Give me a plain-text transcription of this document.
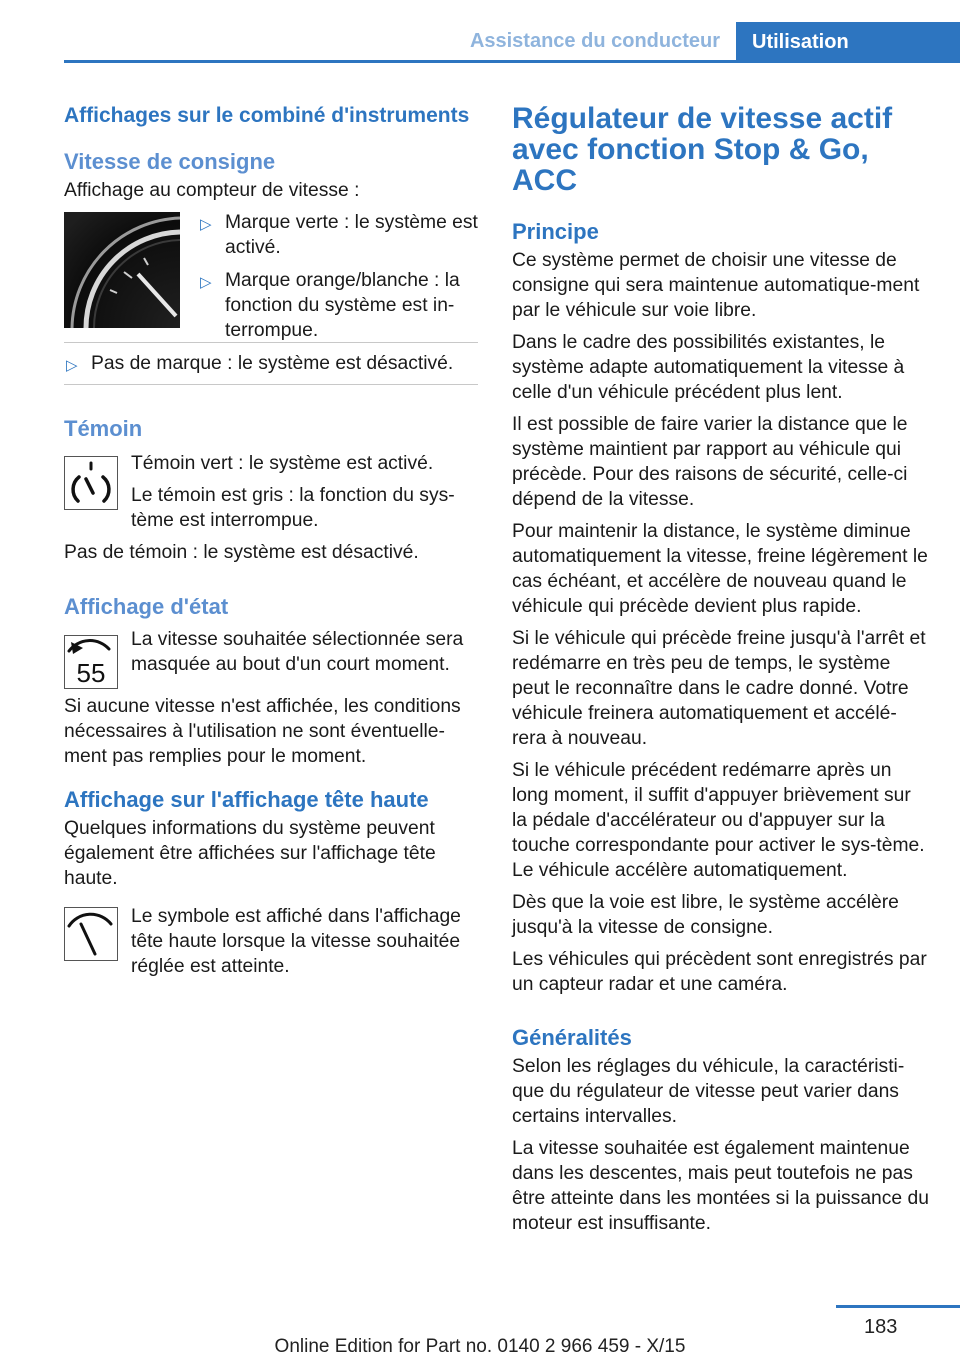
Assistance du conducteur	Utilisation
Affichages sur le combiné d'instruments
Vitesse de consigne

Affichage au compteur de vitesse :

▷ Marque verte : le système est activé.
▷ Marque orange/blanche : la fonction du système est in‐terrompue.
▷ Pas de marque : le système est désactivé.
Témoin

Témoin vert : le système est activé.

Le témoin est gris : la fonction du sys‐tème est interrompue.

Pas de témoin : le système est désactivé.

Affichage d'état
55

La vitesse souhaitée sélectionnée sera masquée au bout d'un court moment.

Si aucune vitesse n'est affichée, les conditions nécessaires à l'utilisation ne sont éventuelle‐ment pas remplies pour le moment.

Affichage sur l'affichage tête haute

Quelques informations du système peuvent également être affichées sur l'affichage tête haute.

Le symbole est affiché dans l'affichage tête haute lorsque la vitesse souhaitée réglée est atteinte.

Régulateur de vitesse actif avec fonction Stop & Go, ACC
Principe

Ce système permet de choisir une vitesse de consigne qui sera maintenue automatique‐ment par le véhicule sur voie libre.

Dans le cadre des possibilités existantes, le système adapte automatiquement la vitesse à celle d'un véhicule précédent plus lent.

Il est possible de faire varier la distance que le système maintient par rapport au véhicule qui précède. Pour des raisons de sécurité, celle-ci dépend de la vitesse.

Pour maintenir la distance, le système diminue automatiquement la vitesse, freine légèrement le cas échéant, et accélère de nouveau quand le véhicule qui précède devient plus rapide.

Si le véhicule qui précède freine jusqu'à l'arrêt et redémarre en très peu de temps, le système peut le reconnaître dans le cadre donné. Votre véhicule freinera automatiquement et accélé‐rera à nouveau.

Si le véhicule précédent redémarre après un long moment, il suffit d'appuyer brièvement sur la pédale d'accélérateur ou d'appuyer sur la touche correspondante pour activer le sys‐tème. Le véhicule accélère automatiquement.

Dès que la voie est libre, le système accélère jusqu'à la vitesse de consigne.

Les véhicules qui précèdent sont enregistrés par un capteur radar et une caméra.

Généralités

Selon les réglages du véhicule, la caractéristi‐que du régulateur de vitesse peut varier dans certains intervalles.

La vitesse souhaitée est également maintenue dans les descentes, mais peut toutefois ne pas être atteinte dans les montées si la puissance du moteur est insuffisante.

183
Online Edition for Part no. 0140 2 966 459 - X/15
